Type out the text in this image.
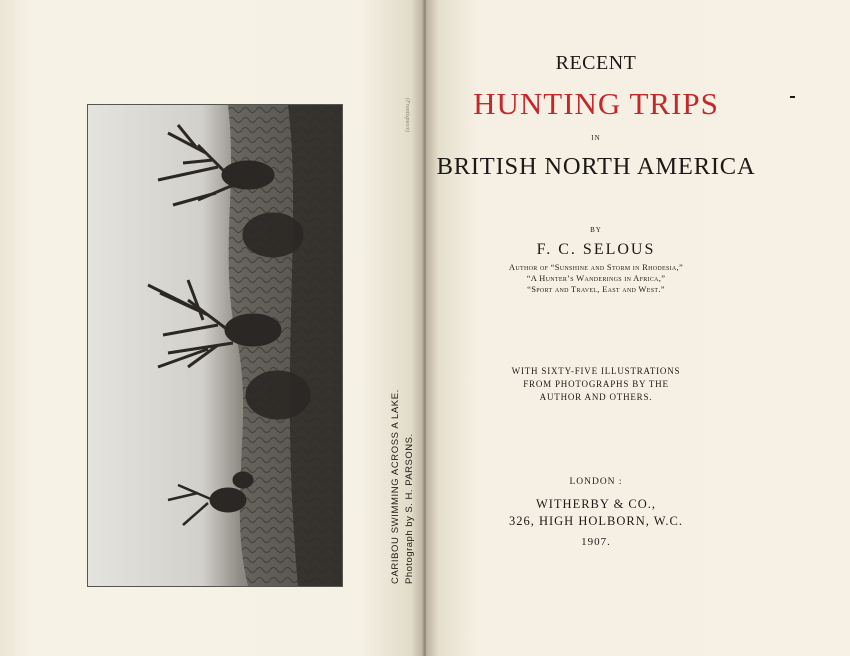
(Frontispiece)
CARIBOU SWIMMING ACROSS A LAKE. Photograph by S. H. PARSONS.
RECENT
HUNTING TRIPS
IN
BRITISH NORTH AMERICA
BY
F. C. SELOUS
Author of “Sunshine and Storm in Rhodesia,”
“A Hunter’s Wanderings in Africa,”
“Sport and Travel, East and West.”
WITH SIXTY-FIVE ILLUSTRATIONS
FROM PHOTOGRAPHS BY THE
AUTHOR AND OTHERS.
LONDON :
WITHERBY & CO.,
326, HIGH HOLBORN, W.C.
1907.
